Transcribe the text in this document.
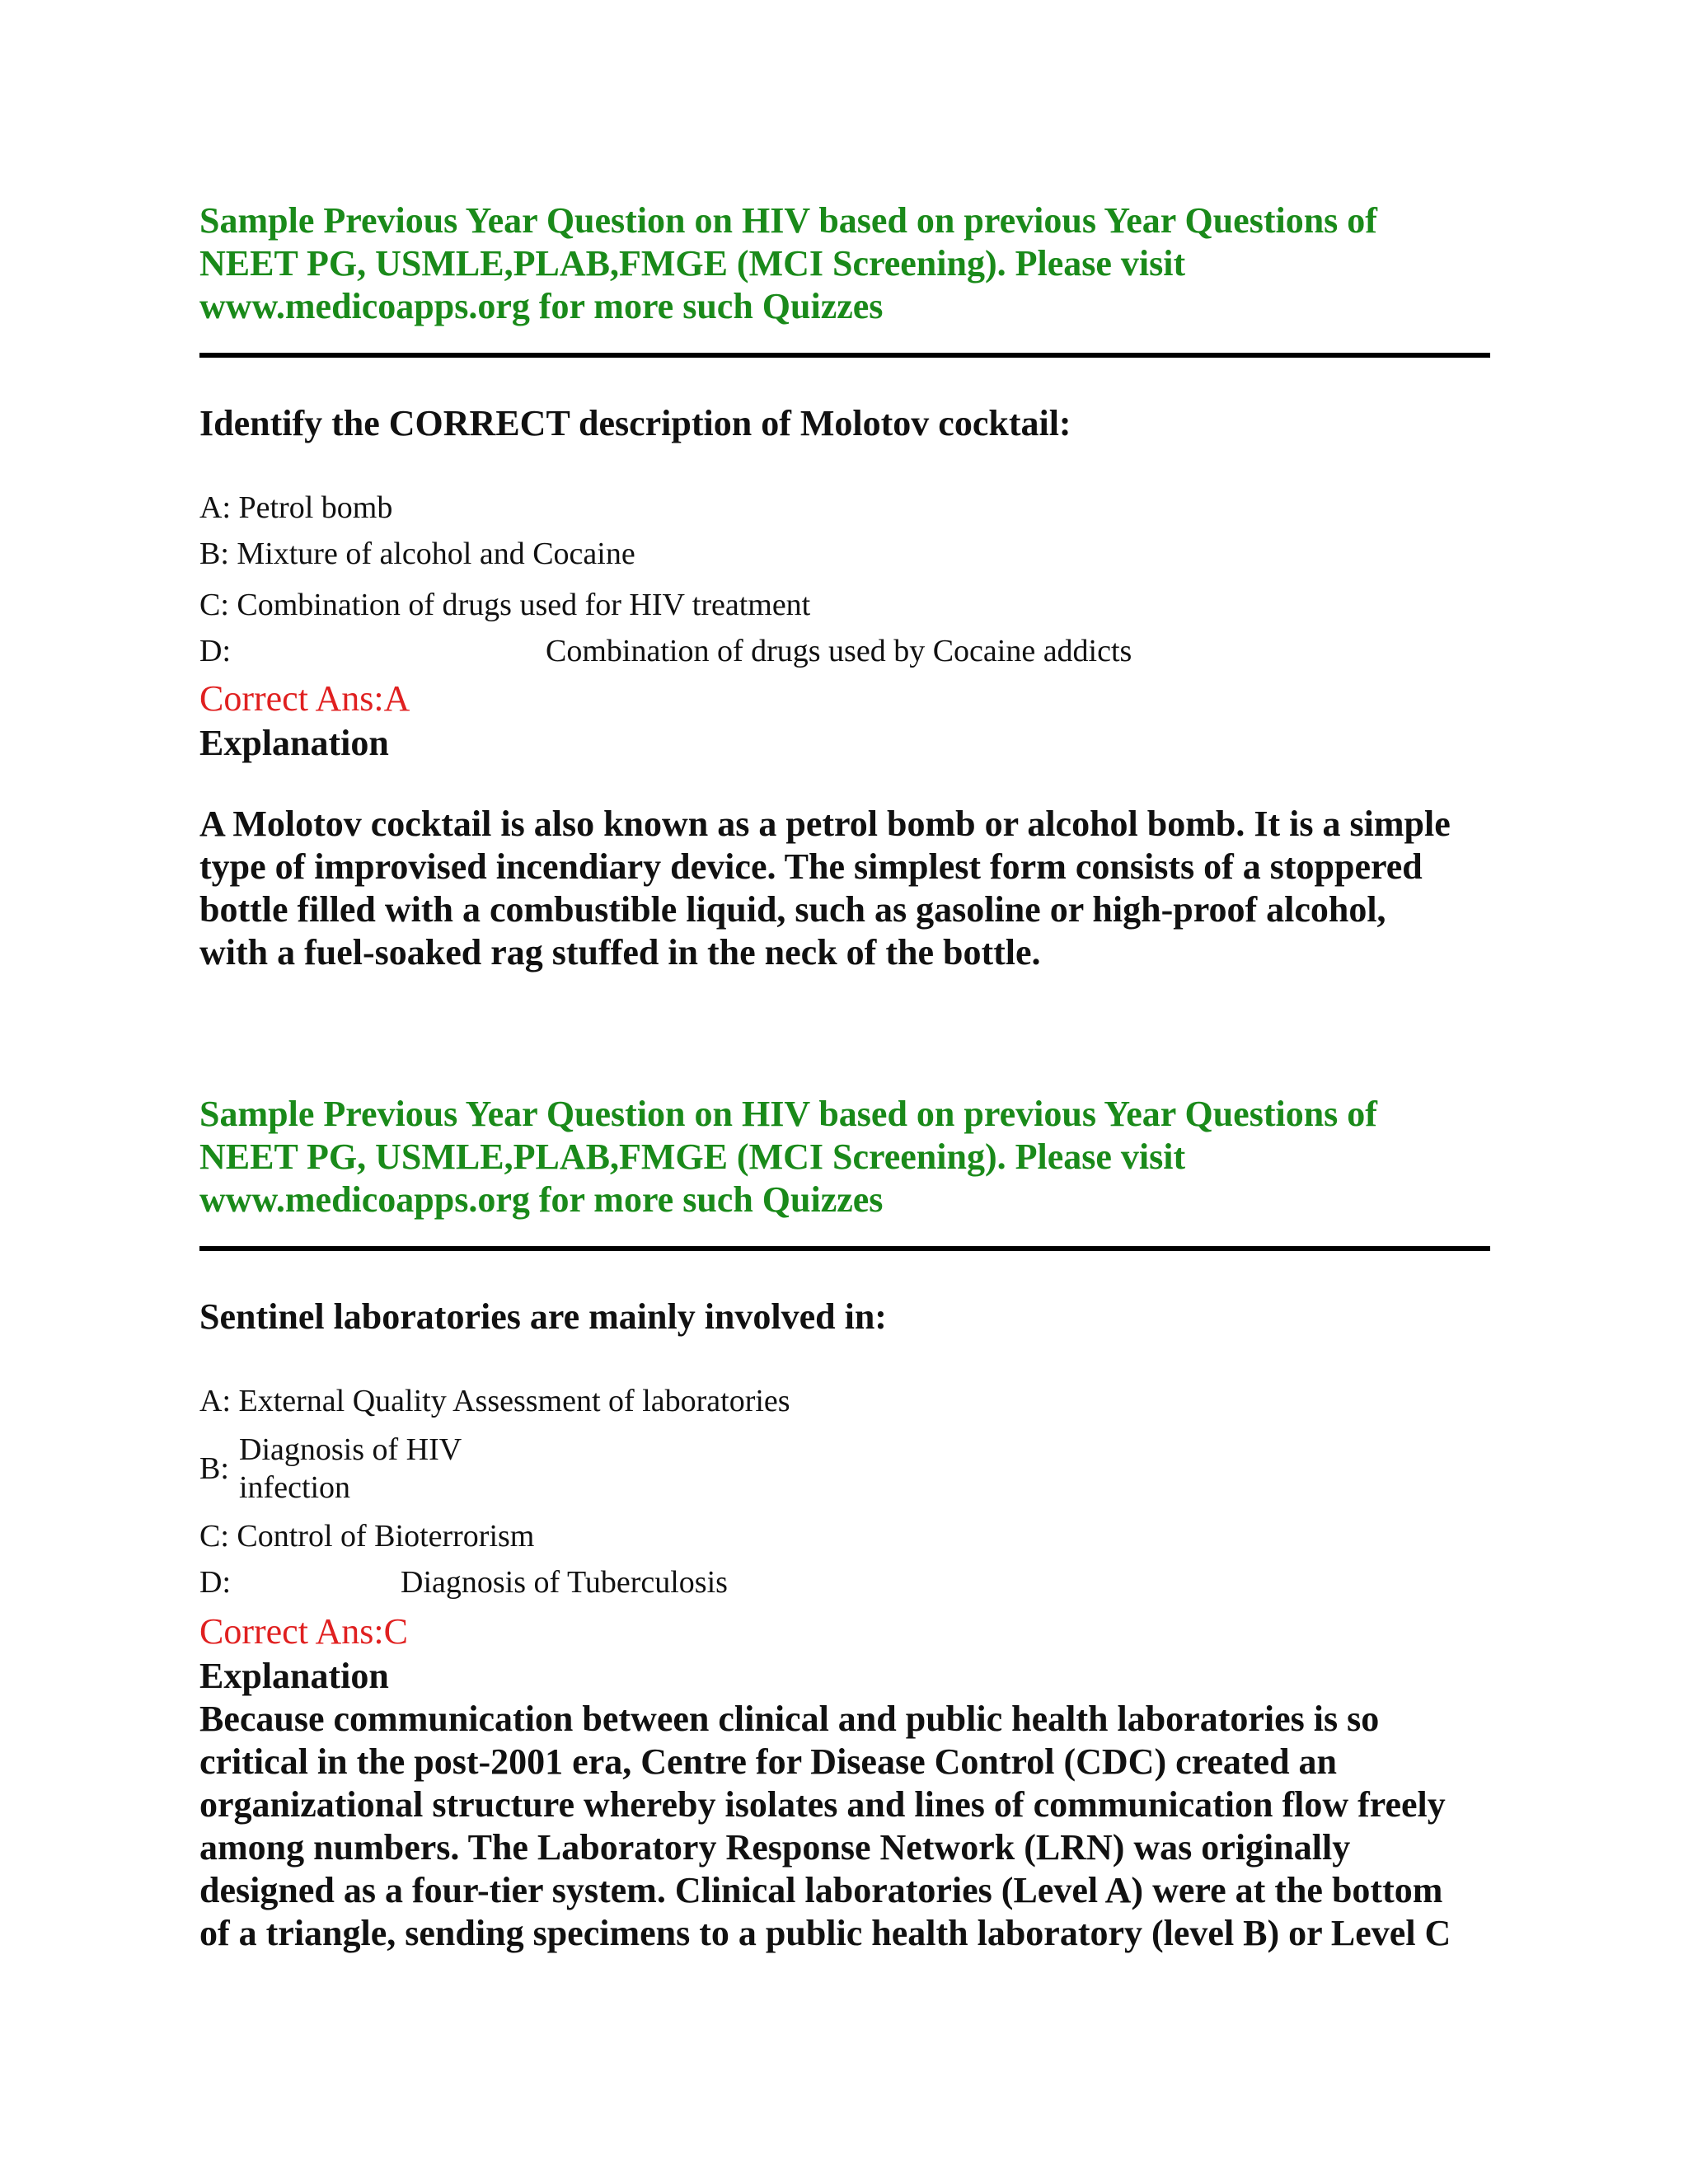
Sample Previous Year Question on HIV based on previous Year Questions of
NEET PG, USMLE,PLAB,FMGE (MCI Screening). Please visit
www.medicoapps.org for more such Quizzes
Identify the CORRECT description of Molotov cocktail:
A: Petrol bomb
B: Mixture of alcohol and Cocaine
C: Combination of drugs used for HIV treatment
D:	Combination of drugs used by Cocaine addicts
Correct Ans:A
Explanation
A Molotov cocktail is also known as a petrol bomb or alcohol bomb. It is a simple
type of improvised incendiary device. The simplest form consists of a stoppered
bottle filled with a combustible liquid, such as gasoline or high-proof alcohol,
with a fuel-soaked rag stuffed in the neck of the bottle.
Sample Previous Year Question on HIV based on previous Year Questions of
NEET PG, USMLE,PLAB,FMGE (MCI Screening). Please visit
www.medicoapps.org for more such Quizzes
Sentinel laboratories are mainly involved in:
A: External Quality Assessment of laboratories
B:
Diagnosis of HIV
infection
C: Control of Bioterrorism
D:	Diagnosis of Tuberculosis
Correct Ans:C
Explanation
Because communication between clinical and public health laboratories is so
critical in the post-2001 era, Centre for Disease Control (CDC) created an
organizational structure whereby isolates and lines of communication flow freely
among numbers. The Laboratory Response Network (LRN) was originally
designed as a four-tier system. Clinical laboratories (Level A) were at the bottom
of a triangle, sending specimens to a public health laboratory (level B) or Level C
